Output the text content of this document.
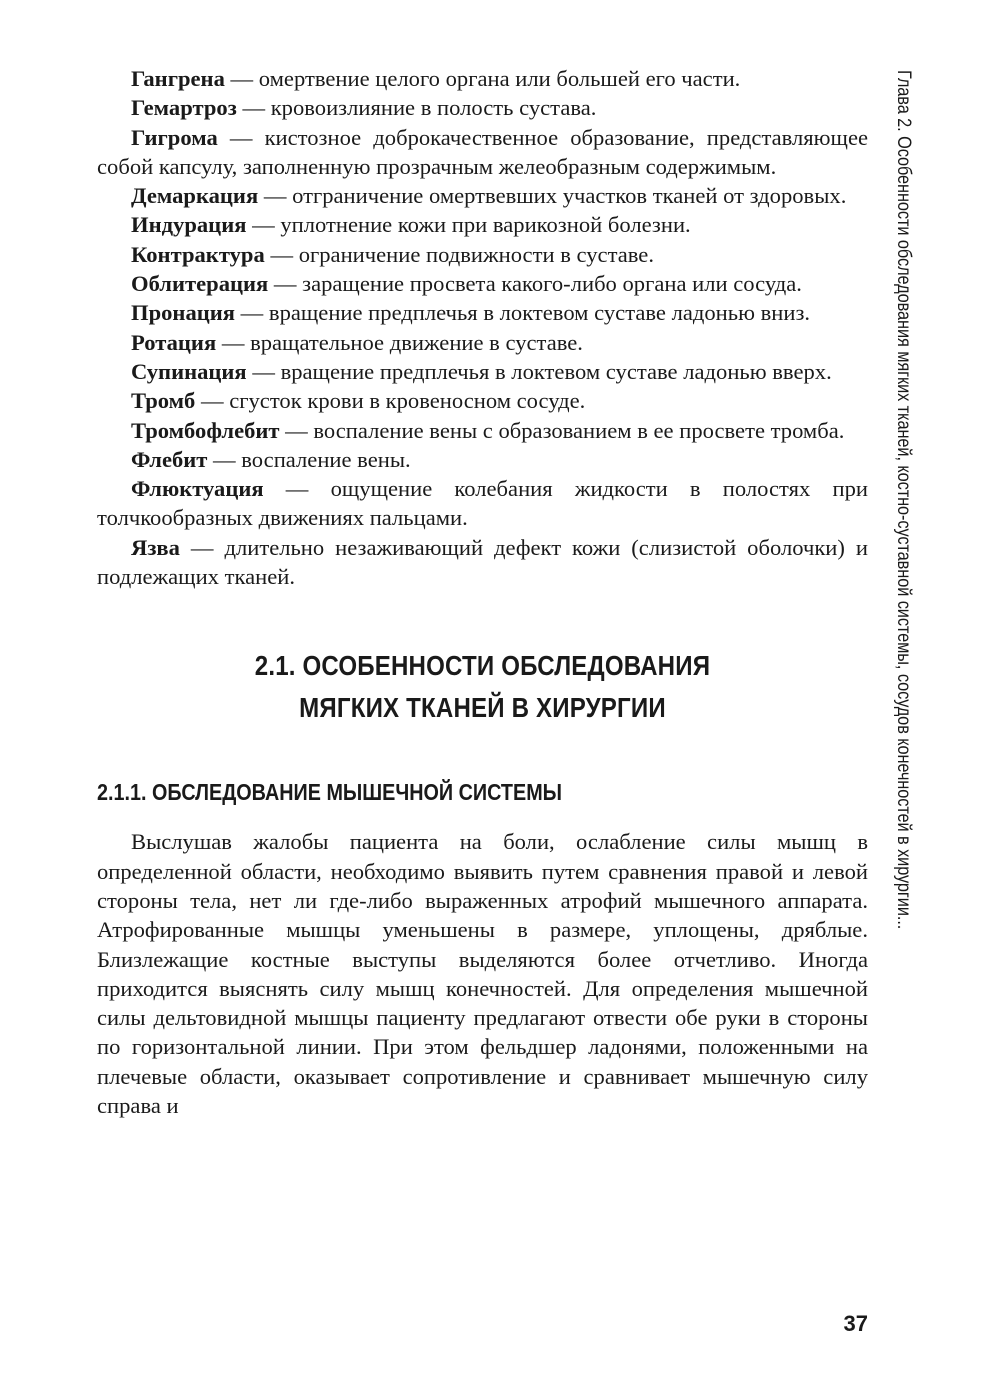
Глава 2. Особенности обследования мягких тканей, костно-суставной системы, сосудов конечностей в хирургии...

Гангрена — омертвение целого органа или большей его части.

Гемартроз — кровоизлияние в полость сустава.

Гигрома — кистозное доброкачественное образование, представляющее собой капсулу, заполненную прозрачным желеобразным содержимым.

Демаркация — отграничение омертвевших участков тканей от здоровых.

Индурация — уплотнение кожи при варикозной болезни.

Контрактура — ограничение подвижности в суставе.

Облитерация — заращение просвета какого-либо органа или сосуда.

Пронация — вращение предплечья в локтевом суставе ладонью вниз.

Ротация — вращательное движение в суставе.

Супинация — вращение предплечья в локтевом суставе ладонью вверх.

Тромб — сгусток крови в кровеносном сосуде.

Тромбофлебит — воспаление вены с образованием в ее просвете тромба.

Флебит — воспаление вены.

Флюктуация — ощущение колебания жидкости в полостях при толчкообразных движениях пальцами.

Язва — длительно незаживающий дефект кожи (слизистой оболочки) и подлежащих тканей.

2.1. ОСОБЕННОСТИ ОБСЛЕДОВАНИЯ
МЯГКИХ ТКАНЕЙ В ХИРУРГИИ
2.1.1. ОБСЛЕДОВАНИЕ МЫШЕЧНОЙ СИСТЕМЫ

Выслушав жалобы пациента на боли, ослабление силы мышц в определенной области, необходимо выявить путем сравнения правой и левой стороны тела, нет ли где-либо выраженных атрофий мышечного аппарата. Атрофированные мышцы уменьшены в размере, уплощены, дряблые. Близлежащие костные выступы выделяются более отчетливо. Иногда приходится выяснять силу мышц конечностей. Для определения мышечной силы дельтовидной мышцы пациенту предлагают отвести обе руки в стороны по горизонтальной линии. При этом фельдшер ладонями, положенными на плечевые области, оказывает сопротивление и сравнивает мышечную силу справа и

37
